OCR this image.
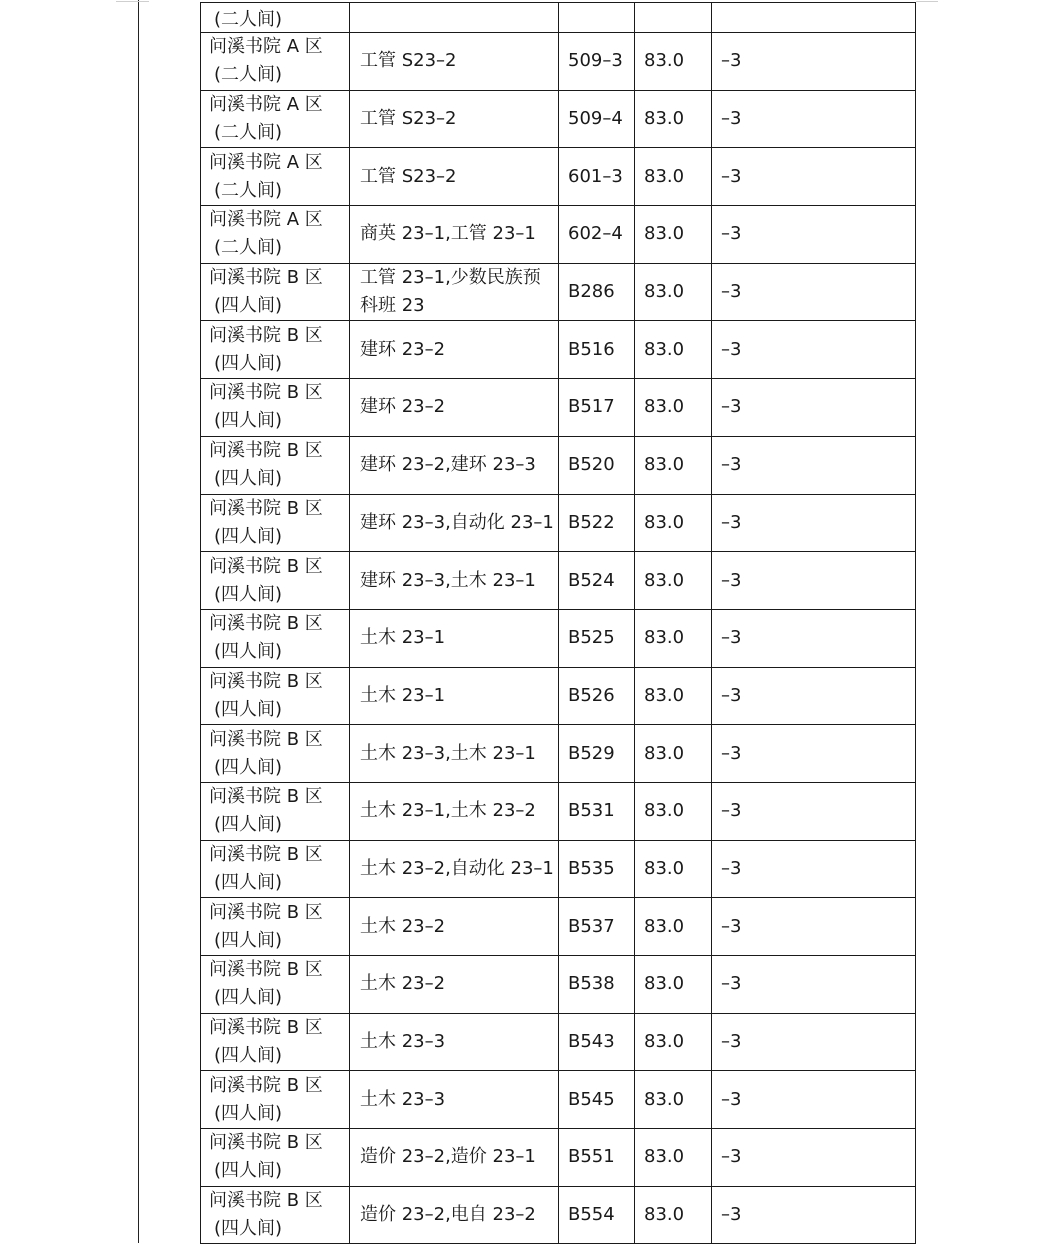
(二人间)				

问溪书院 A 区
(二人间)	工管 S23–2	509–3	83.0	–3

问溪书院 A 区
(二人间)	工管 S23–2	509–4	83.0	–3

问溪书院 A 区
(二人间)	工管 S23–2	601–3	83.0	–3

问溪书院 A 区
(二人间)	商英 23–1,工管 23–1	602–4	83.0	–3

问溪书院 B 区
(四人间)	工管 23–1,少数民族预科班 23	B286	83.0	–3

问溪书院 B 区
(四人间)	建环 23–2	B516	83.0	–3

问溪书院 B 区
(四人间)	建环 23–2	B517	83.0	–3

问溪书院 B 区
(四人间)	建环 23–2,建环 23–3	B520	83.0	–3

问溪书院 B 区
(四人间)	建环 23–3,自动化 23–1	B522	83.0	–3

问溪书院 B 区
(四人间)	建环 23–3,土木 23–1	B524	83.0	–3

问溪书院 B 区
(四人间)	土木 23–1	B525	83.0	–3

问溪书院 B 区
(四人间)	土木 23–1	B526	83.0	–3

问溪书院 B 区
(四人间)	土木 23–3,土木 23–1	B529	83.0	–3

问溪书院 B 区
(四人间)	土木 23–1,土木 23–2	B531	83.0	–3

问溪书院 B 区
(四人间)	土木 23–2,自动化 23–1	B535	83.0	–3

问溪书院 B 区
(四人间)	土木 23–2	B537	83.0	–3

问溪书院 B 区
(四人间)	土木 23–2	B538	83.0	–3

问溪书院 B 区
(四人间)	土木 23–3	B543	83.0	–3

问溪书院 B 区
(四人间)	土木 23–3	B545	83.0	–3

问溪书院 B 区
(四人间)	造价 23–2,造价 23–1	B551	83.0	–3

问溪书院 B 区
(四人间)	造价 23–2,电自 23–2	B554	83.0	–3
